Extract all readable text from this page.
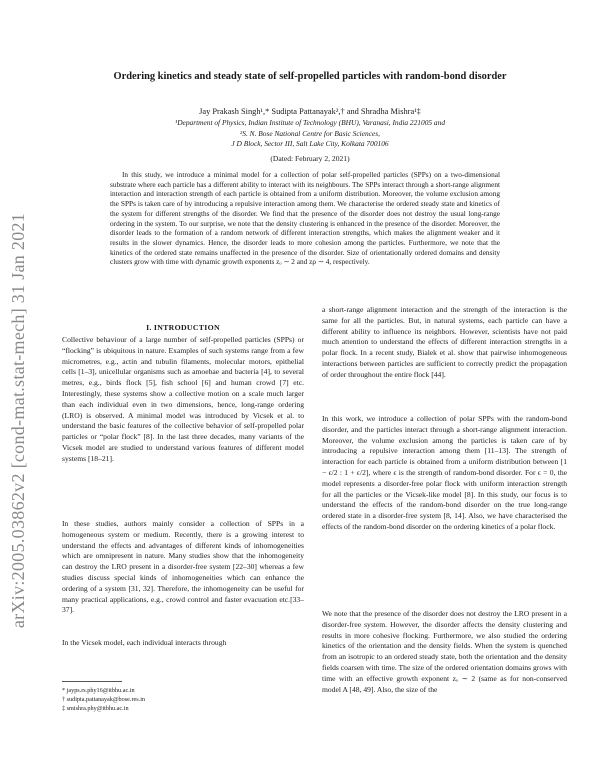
arXiv:2005.03862v2 [cond-mat.stat-mech] 31 Jan 2021
Ordering kinetics and steady state of self-propelled particles with random-bond disorder
Jay Prakash Singh¹,* Sudipta Pattanayak²,† and Shradha Mishra¹‡
¹Department of Physics, Indian Institute of Technology (BHU), Varanasi, India 221005 and
²S. N. Bose National Centre for Basic Sciences,
J D Block, Sector III, Salt Lake City, Kolkata 700106
(Dated: February 2, 2021)

In this study, we introduce a minimal model for a collection of polar self-propelled particles (SPPs) on a two-dimensional substrate where each particle has a different ability to interact with its neighbours. The SPPs interact through a short-range alignment interaction and interaction strength of each particle is obtained from a uniform distribution. Moreover, the volume exclusion among the SPPs is taken care of by introducing a repulsive interaction among them. We characterise the ordered steady state and kinetics of the system for different strengths of the disorder. We find that the presence of the disorder does not destroy the usual long-range ordering in the system. To our surprise, we note that the density clustering is enhanced in the presence of the disorder. Moreover, the disorder leads to the formation of a random network of different interaction strengths, which makes the alignment weaker and it results in the slower dynamics. Hence, the disorder leads to more cohesion among the particles. Furthermore, we note that the kinetics of the ordered state remains unaffected in the presence of the disorder. Size of orientationally ordered domains and density clusters grow with time with dynamic growth exponents zₒ ∼ 2 and zρ ∼ 4, respectively.

I. INTRODUCTION

Collective behaviour of a large number of self-propelled particles (SPPs) or “flocking” is ubiquitous in nature. Examples of such systems range from a few micrometres, e.g., actin and tubulin filaments, molecular motors, epithelial cells [1–3], unicellular organisms such as amoebae and bacteria [4], to several metres, e.g., birds flock [5], fish school [6] and human crowd [7] etc. Interestingly, these systems show a collective motion on a scale much larger than each individual even in two dimensions, hence, long-range ordering (LRO) is observed. A minimal model was introduced by Vicsek et al. to understand the basic features of the collective behavior of self-propelled polar particles or “polar flock” [8]. In the last three decades, many variants of the Vicsek model are studied to understand various features of different model systems [18–21].

In these studies, authors mainly consider a collection of SPPs in a homogeneous system or medium. Recently, there is a growing interest to understand the effects and advantages of different kinds of inhomogeneities which are omnipresent in nature. Many studies show that the inhomogeneity can destroy the LRO present in a disorder-free system [22–30] whereas a few studies discuss special kinds of inhomogeneities which can enhance the ordering of a system [31, 32]. Therefore, the inhomogeneity can be useful for many practical applications, e.g., crowd control and faster evacuation etc.[33–37].

In the Vicsek model, each individual interacts through

a short-range alignment interaction and the strength of the interaction is the same for all the particles. But, in natural systems, each particle can have a different ability to influence its neighbors. However, scientists have not paid much attention to understand the effects of different interaction strengths in a polar flock. In a recent study, Bialek et al. show that pairwise inhomogeneous interactions between particles are sufficient to correctly predict the propagation of order throughout the entire flock [44].

In this work, we introduce a collection of polar SPPs with the random-bond disorder, and the particles interact through a short-range alignment interaction. Moreover, the volume exclusion among the particles is taken care of by introducing a repulsive interaction among them [11–13]. The strength of interaction for each particle is obtained from a uniform distribution between [1 − ϵ/2 : 1 + ϵ/2], where ϵ is the strength of random-bond disorder. For ϵ = 0, the model represents a disorder-free polar flock with uniform interaction strength for all the particles or the Vicsek-like model [8]. In this study, our focus is to understand the effects of the random-bond disorder on the true long-range ordered state in a disorder-free system [8, 14]. Also, we have characterised the effects of the random-bond disorder on the ordering kinetics of a polar flock.

We note that the presence of the disorder does not destroy the LRO present in a disorder-free system. However, the disorder affects the density clustering and results in more cohesive flocking. Furthermore, we also studied the ordering kinetics of the orientation and the density fields. When the system is quenched from an isotropic to an ordered steady state, both the orientation and the density fields coarsen with time. The size of the ordered orientation domains grows with time with an effective growth exponent zₒ ∼ 2 (same as for non-conserved model A [48, 49]. Also, the size of the

* jayps.rs.phy16@itbhu.ac.in
† sudipta.pattanayak@bose.res.in
‡ smishra.phy@itbhu.ac.in
